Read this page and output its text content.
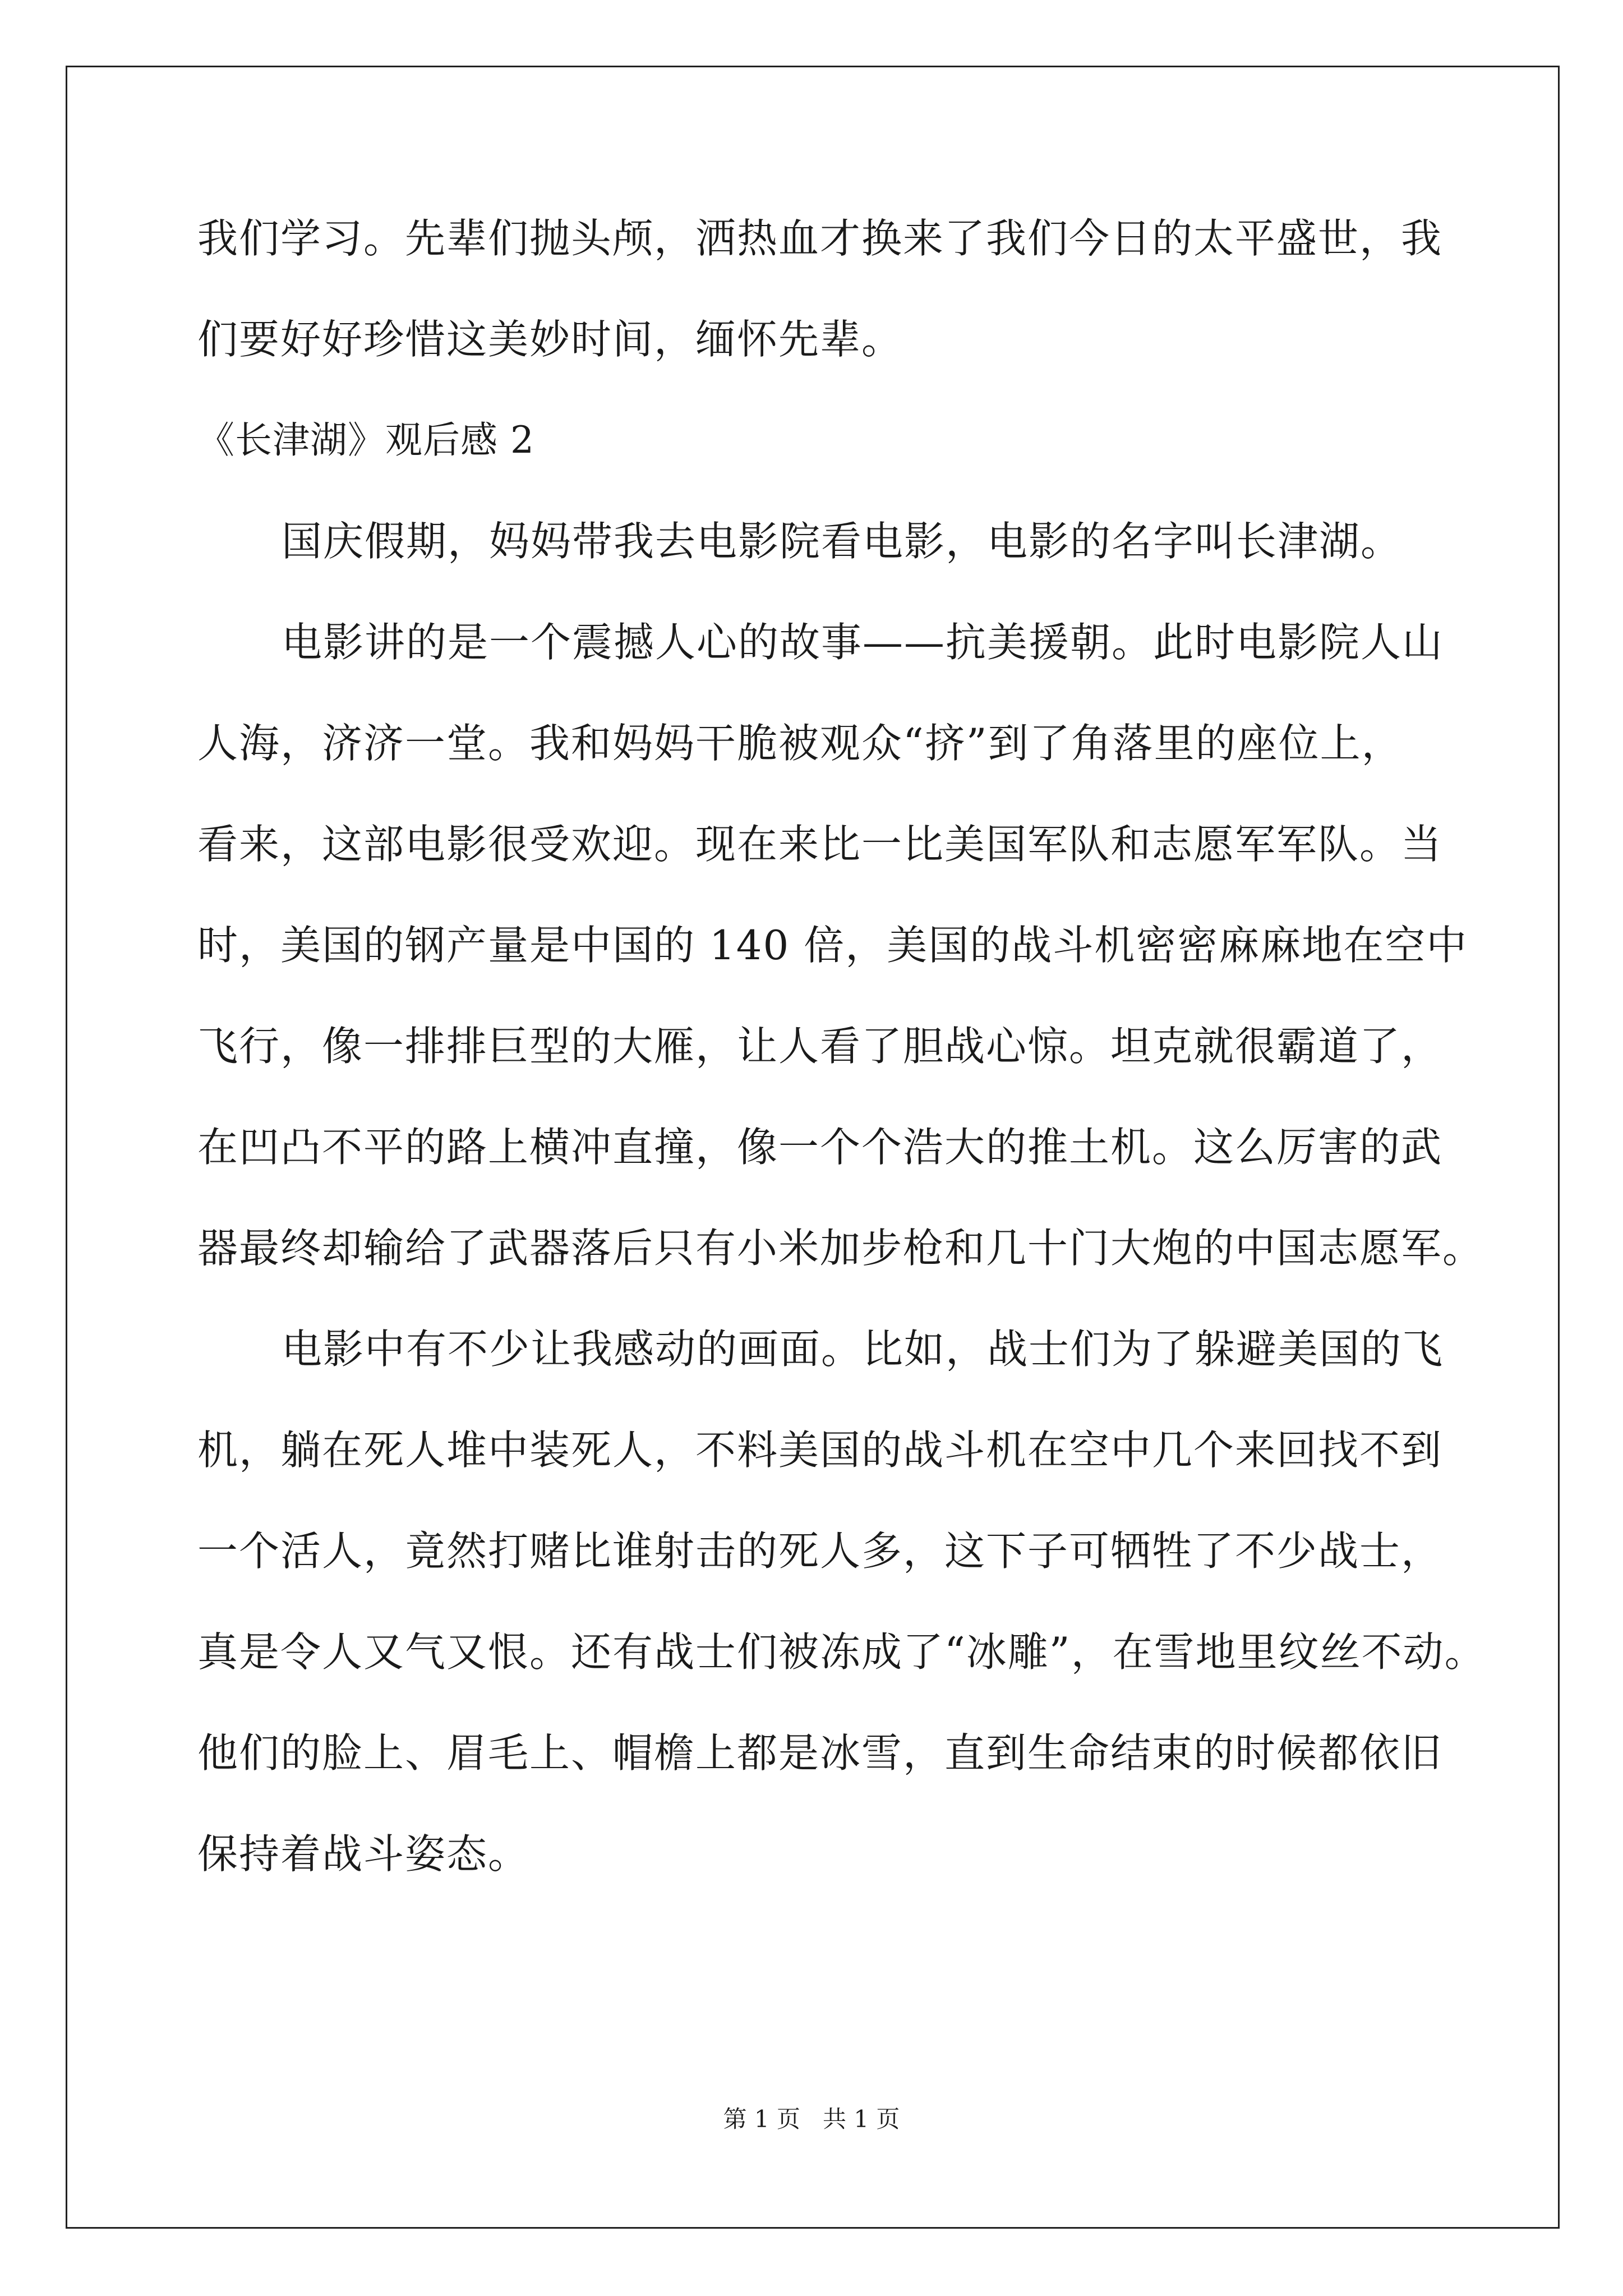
我们学习。先辈们抛头颅，洒热血才换来了我们今日的太平盛世，我
们要好好珍惜这美妙时间，缅怀先辈。
《长津湖》观后感 2
国庆假期，妈妈带我去电影院看电影，电影的名字叫长津湖。
电影讲的是一个震撼人心的故事——抗美援朝。此时电影院人山
人海，济济一堂。我和妈妈干脆被观众“挤”到了角落里的座位上，
看来，这部电影很受欢迎。现在来比一比美国军队和志愿军军队。当
时，美国的钢产量是中国的 140 倍，美国的战斗机密密麻麻地在空中
飞行，像一排排巨型的大雁，让人看了胆战心惊。坦克就很霸道了，
在凹凸不平的路上横冲直撞，像一个个浩大的推土机。这么厉害的武
器最终却输给了武器落后只有小米加步枪和几十门大炮的中国志愿军。
电影中有不少让我感动的画面。比如，战士们为了躲避美国的飞
机，躺在死人堆中装死人，不料美国的战斗机在空中几个来回找不到
一个活人，竟然打赌比谁射击的死人多，这下子可牺牲了不少战士，
真是令人又气又恨。还有战士们被冻成了“冰雕”，在雪地里纹丝不动。
他们的脸上、眉毛上、帽檐上都是冰雪，直到生命结束的时候都依旧
保持着战斗姿态。
第 1 页 共 1 页
